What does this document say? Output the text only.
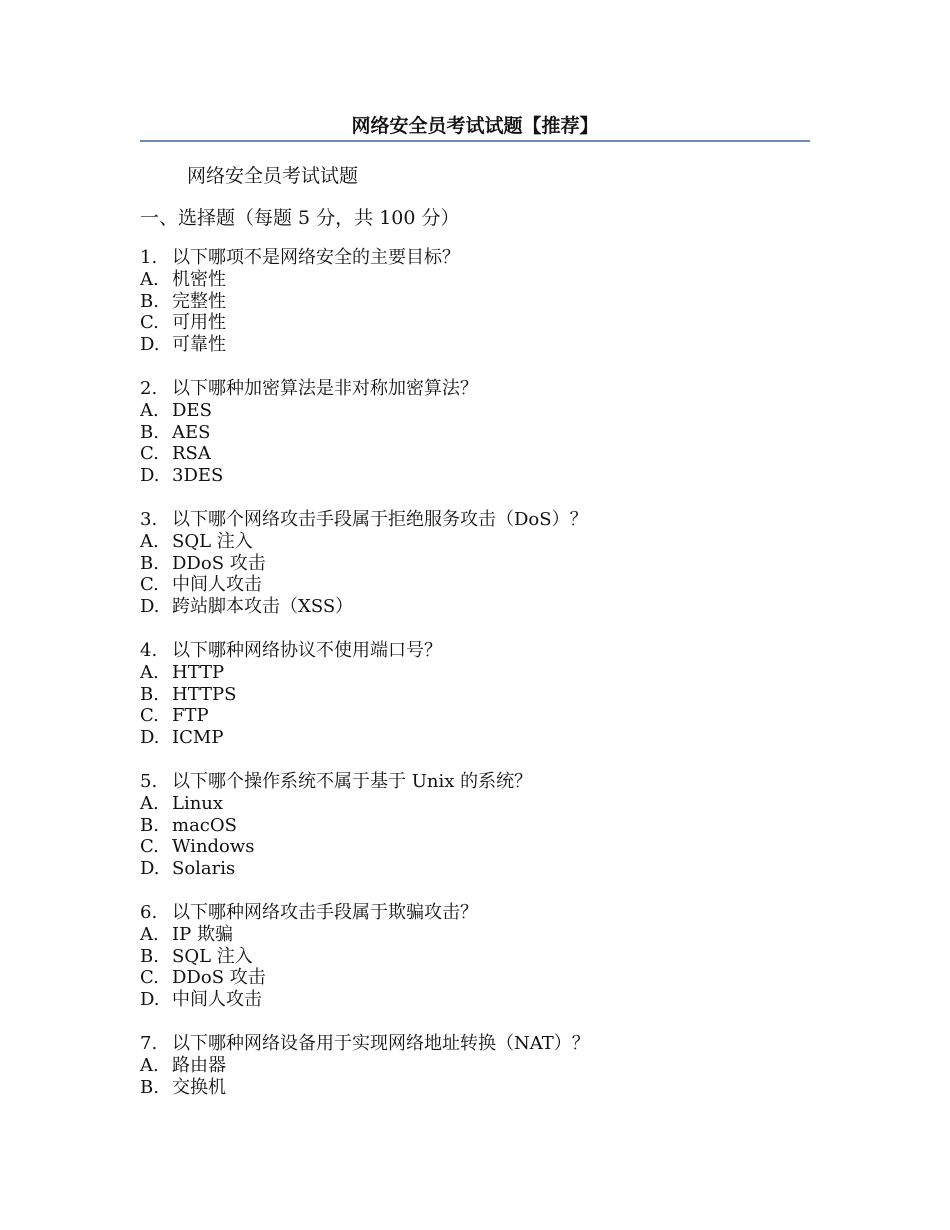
网络安全员考试试题【推荐】
网络安全员考试试题
一、选择题（每题 5 分，共 100 分）
1. 以下哪项不是网络安全的主要目标？
A. 机密性
B. 完整性
C. 可用性
D. 可靠性
2. 以下哪种加密算法是非对称加密算法？
A. DES
B. AES
C. RSA
D. 3DES
3. 以下哪个网络攻击手段属于拒绝服务攻击（DoS）？
A. SQL 注入
B. DDoS 攻击
C. 中间人攻击
D. 跨站脚本攻击（XSS）
4. 以下哪种网络协议不使用端口号？
A. HTTP
B. HTTPS
C. FTP
D. ICMP
5. 以下哪个操作系统不属于基于 Unix 的系统？
A. Linux
B. macOS
C. Windows
D. Solaris
6. 以下哪种网络攻击手段属于欺骗攻击？
A. IP 欺骗
B. SQL 注入
C. DDoS 攻击
D. 中间人攻击
7. 以下哪种网络设备用于实现网络地址转换（NAT）？
A. 路由器
B. 交换机
